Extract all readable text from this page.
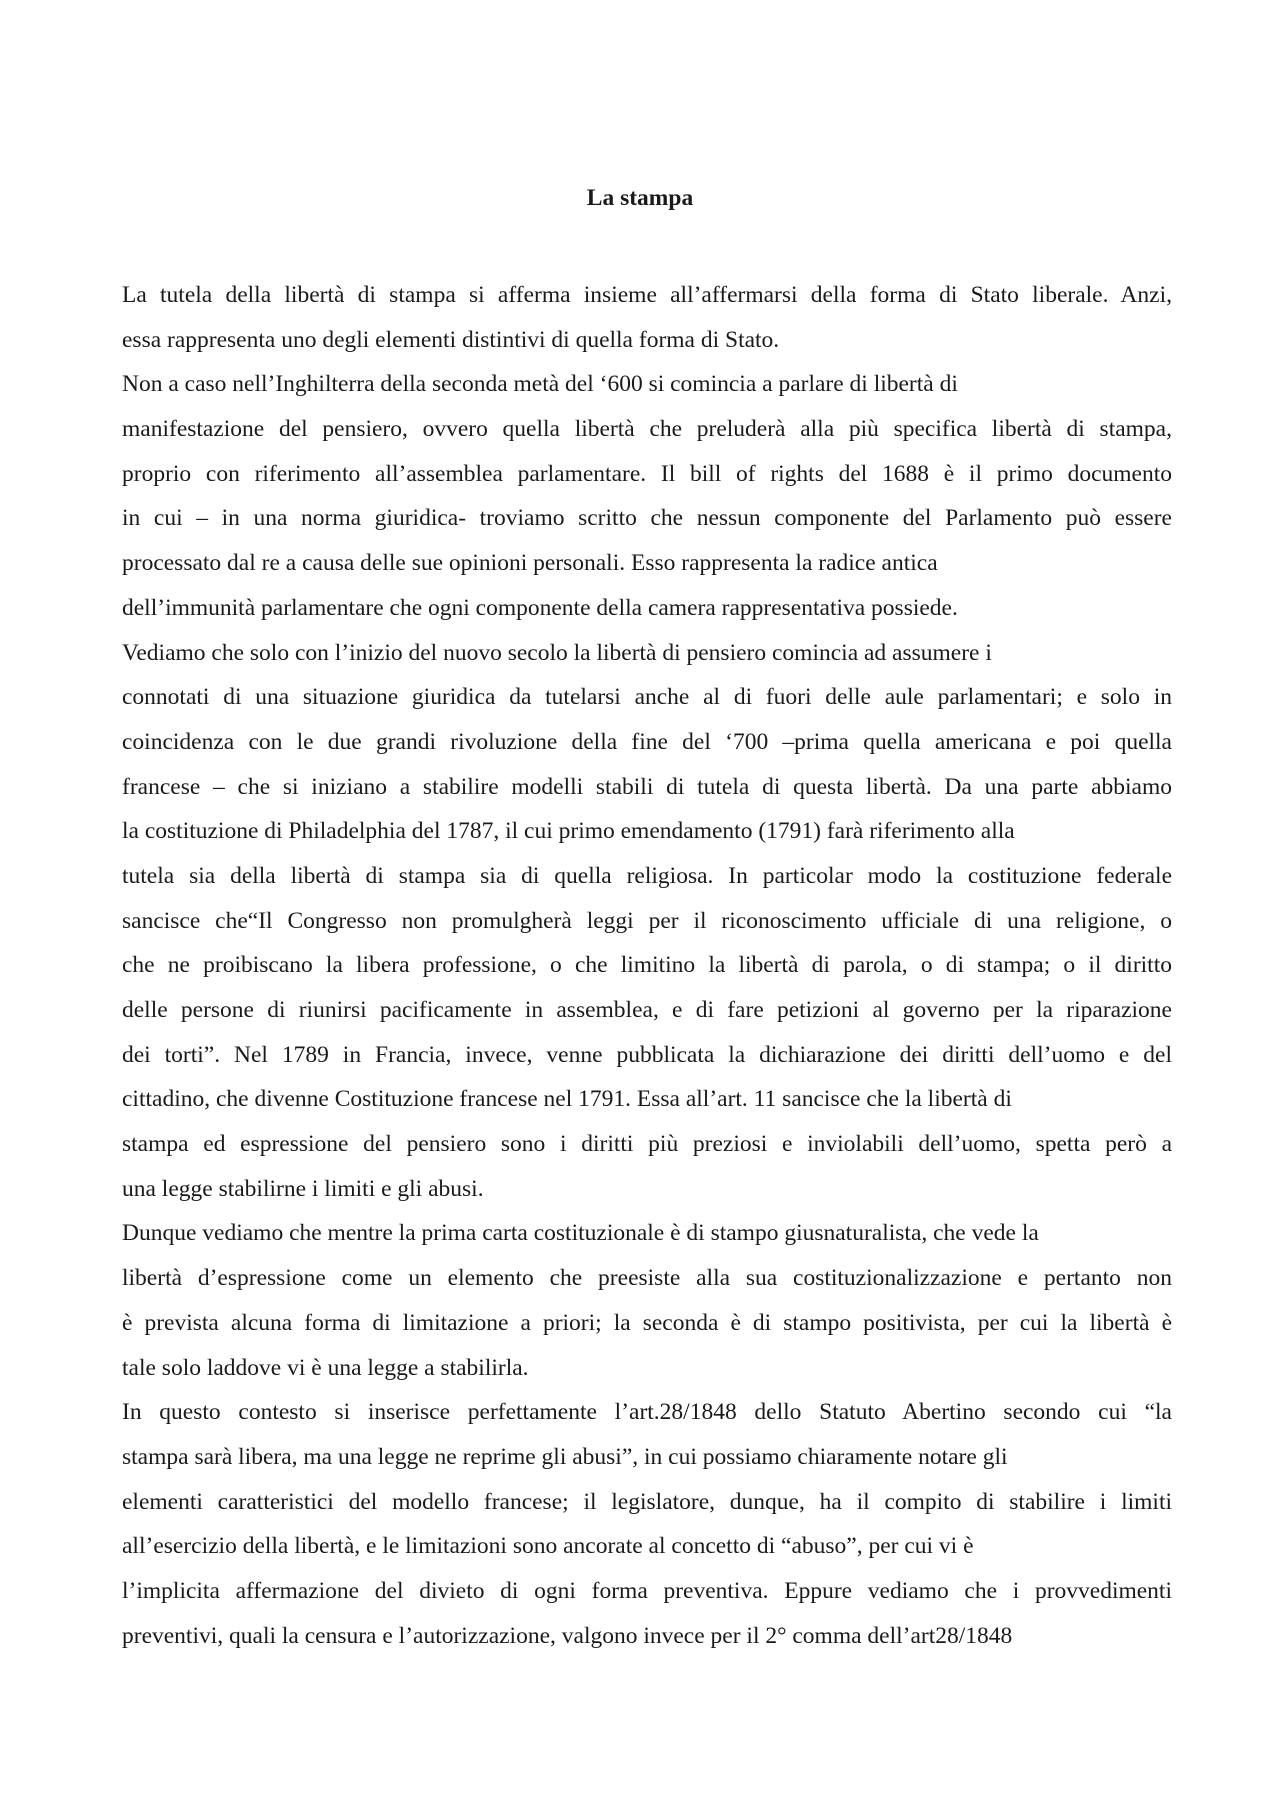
La stampa
La tutela della libertà di stampa si afferma insieme all’affermarsi della forma di Stato liberale. Anzi,
essa rappresenta uno degli elementi distintivi di quella forma di Stato.
Non a caso nell’Inghilterra della seconda metà del ‘600 si comincia a parlare di libertà di
manifestazione del pensiero, ovvero quella libertà che preluderà alla più specifica libertà di stampa,
proprio con riferimento all’assemblea parlamentare. Il bill of rights del 1688 è il primo documento
in cui – in una norma giuridica- troviamo scritto che nessun componente del Parlamento può essere
processato dal re a causa delle sue opinioni personali. Esso rappresenta la radice antica
dell’immunità parlamentare che ogni componente della camera rappresentativa possiede.
Vediamo che solo con l’inizio del nuovo secolo la libertà di pensiero comincia ad assumere i
connotati di una situazione giuridica da tutelarsi anche al di fuori delle aule parlamentari; e solo in
coincidenza con le due grandi rivoluzione della fine del ‘700 –prima quella americana e poi quella
francese – che si iniziano a stabilire modelli stabili di tutela di questa libertà. Da una parte abbiamo
la costituzione di Philadelphia del 1787, il cui primo emendamento (1791) farà riferimento alla
tutela sia della libertà di stampa sia di quella religiosa. In particolar modo la costituzione federale
sancisce che“Il Congresso non promulgherà leggi per il riconoscimento ufficiale di una religione, o
che ne proibiscano la libera professione, o che limitino la libertà di parola, o di stampa; o il diritto
delle persone di riunirsi pacificamente in assemblea, e di fare petizioni al governo per la riparazione
dei torti”. Nel 1789 in Francia, invece, venne pubblicata la dichiarazione dei diritti dell’uomo e del
cittadino, che divenne Costituzione francese nel 1791. Essa all’art. 11 sancisce che la libertà di
stampa ed espressione del pensiero sono i diritti più preziosi e inviolabili dell’uomo, spetta però a
una legge stabilirne i limiti e gli abusi.
Dunque vediamo che mentre la prima carta costituzionale è di stampo giusnaturalista, che vede la
libertà d’espressione come un elemento che preesiste alla sua costituzionalizzazione e pertanto non
è prevista alcuna forma di limitazione a priori; la seconda è di stampo positivista, per cui la libertà è
tale solo laddove vi è una legge a stabilirla.
In questo contesto si inserisce perfettamente l’art.28/1848 dello Statuto Abertino secondo cui “la
stampa sarà libera, ma una legge ne reprime gli abusi”, in cui possiamo chiaramente notare gli
elementi caratteristici del modello francese; il legislatore, dunque, ha il compito di stabilire i limiti
all’esercizio della libertà, e le limitazioni sono ancorate al concetto di “abuso”, per cui vi è
l’implicita affermazione del divieto di ogni forma preventiva. Eppure vediamo che i provvedimenti
preventivi, quali la censura e l’autorizzazione, valgono invece per il 2° comma dell’art28/1848
